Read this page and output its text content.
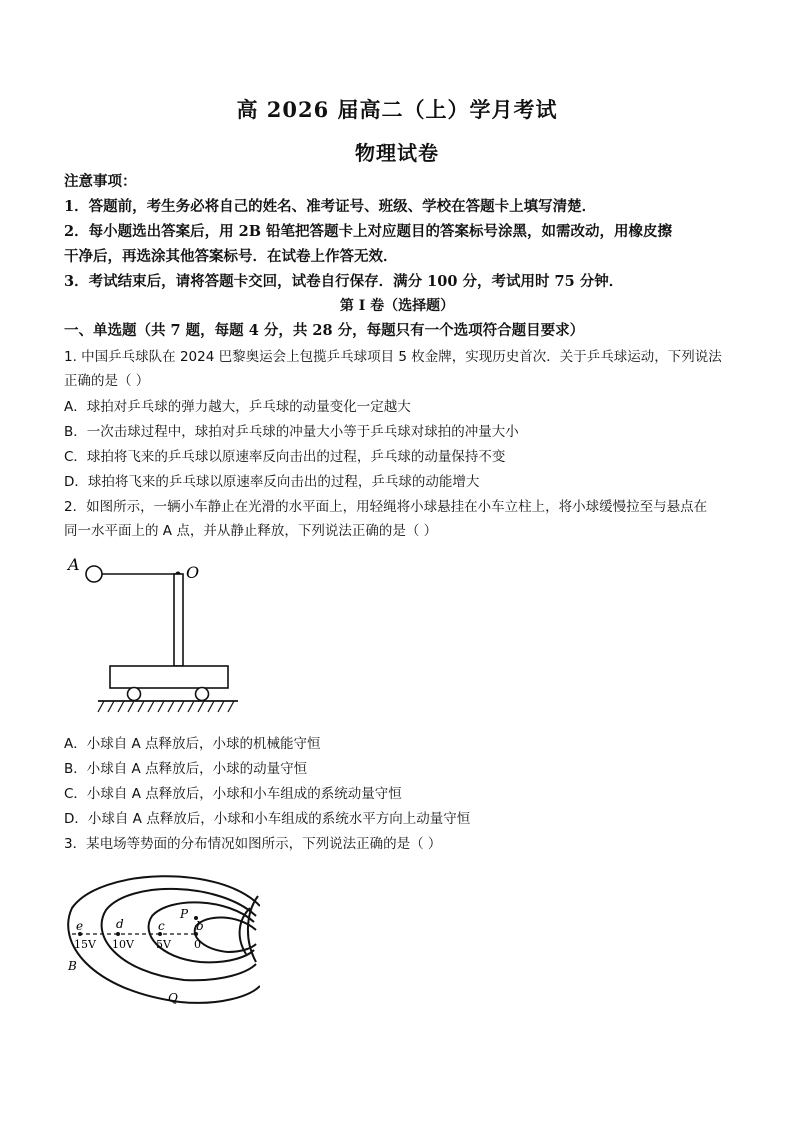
高 2026 届高二（上）学月考试
物理试卷
注意事项：
1．答题前，考生务必将自己的姓名、准考证号、班级、学校在答题卡上填写清楚．
2．每小题选出答案后，用 2B 铅笔把答题卡上对应题目的答案标号涂黑，如需改动，用橡皮擦
干净后，再选涂其他答案标号．在试卷上作答无效．
3．考试结束后，请将答题卡交回，试卷自行保存．满分 100 分，考试用时 75 分钟．
第 I 卷（选择题）
一、单选题（共 7 题，每题 4 分，共 28 分，每题只有一个选项符合题目要求）
1. 中国乒乓球队在 2024 巴黎奥运会上包揽乒乓球项目 5 枚金牌，实现历史首次．关于乒乓球运动，下列说法
正确的是（ ）
A．球拍对乒乓球的弹力越大，乒乓球的动量变化一定越大
B．一次击球过程中，球拍对乒乓球的冲量大小等于乒乓球对球拍的冲量大小
C．球拍将飞来的乒乓球以原速率反向击出的过程，乒乓球的动量保持不变
D．球拍将飞来的乒乓球以原速率反向击出的过程，乒乓球的动能增大
2．如图所示，一辆小车静止在光滑的水平面上，用轻绳将小球悬挂在小车立柱上，将小球缓慢拉至与悬点在
同一水平面上的 A 点，并从静止释放，下列说法正确的是（ ）
A	O
A．小球自 A 点释放后，小球的机械能守恒
B．小球自 A 点释放后，小球的动量守恒
C．小球自 A 点释放后，小球和小车组成的系统动量守恒
D．小球自 A 点释放后，小球和小车组成的系统水平方向上动量守恒
3．某电场等势面的分布情况如图所示，下列说法正确的是（ ）
e	d	c	b
P
B
Q
15V 10V 5V 0
